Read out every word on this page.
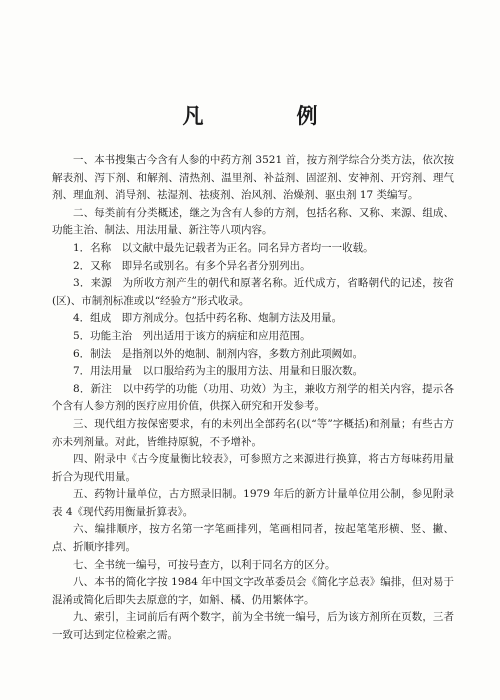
凡　例

一、本书搜集古今含有人参的中药方剂 3521 首，按方剂学综合分类方法，依次按解表剂、泻下剂、和解剂、清热剂、温里剂、补益剂、固涩剂、安神剂、开窍剂、理气剂、理血剂、消导剂、祛湿剂、祛痰剂、治风剂、治燥剂、驱虫剂 17 类编写。

二、每类前有分类概述，继之为含有人参的方剂，包括名称、又称、来源、组成、功能主治、制法、用法用量、新注等八项内容。

1．名称　以文献中最先记载者为正名。同名异方者均一一收载。

2．又称　即异名或别名。有多个异名者分别列出。

3．来源　为所收方剂产生的朝代和原著名称。近代成方，省略朝代的记述，按省(区)、市制剂标准或以“经验方”形式收录。

4．组成　即方剂成分。包括中药名称、炮制方法及用量。

5．功能主治　列出适用于该方的病症和应用范围。

6．制法　是指剂以外的炮制、制剂内容，多数方剂此项阙如。

7．用法用量　以口服给药为主的服用方法、用量和日服次数。

8．新注　以中药学的功能（功用、功效）为主，兼收方剂学的相关内容，提示各个含有人参方剂的医疗应用价值，供探入研究和开发参考。

三、现代组方按保密要求，有的未列出全部药名(以“等”字概括)和剂量；有些古方亦未列剂量。对此，皆维持原貌，不予增补。

四、附录中《古今度量衡比较表》，可参照方之来源进行换算，将古方每味药用量折合为现代用量。

五、药物计量单位，古方照录旧制。1979 年后的新方计量单位用公制，参见附录表 4《现代药用衡量折算表》。

六、编排顺序，按方名第一字笔画排列，笔画相同者，按起笔笔形横、竖、撇、点、折顺序排列。

七、全书统一编号，可按号查方，以利于同名方的区分。

八、本书的简化字按 1984 年中国文字改革委员会《简化字总表》编排，但对易于混淆或简化后即失去原意的字，如斛、橘、仍用繁体字。

九、索引，主词前后有两个数字，前为全书统一编号，后为该方剂所在页数，三者一致可达到定位检索之需。
